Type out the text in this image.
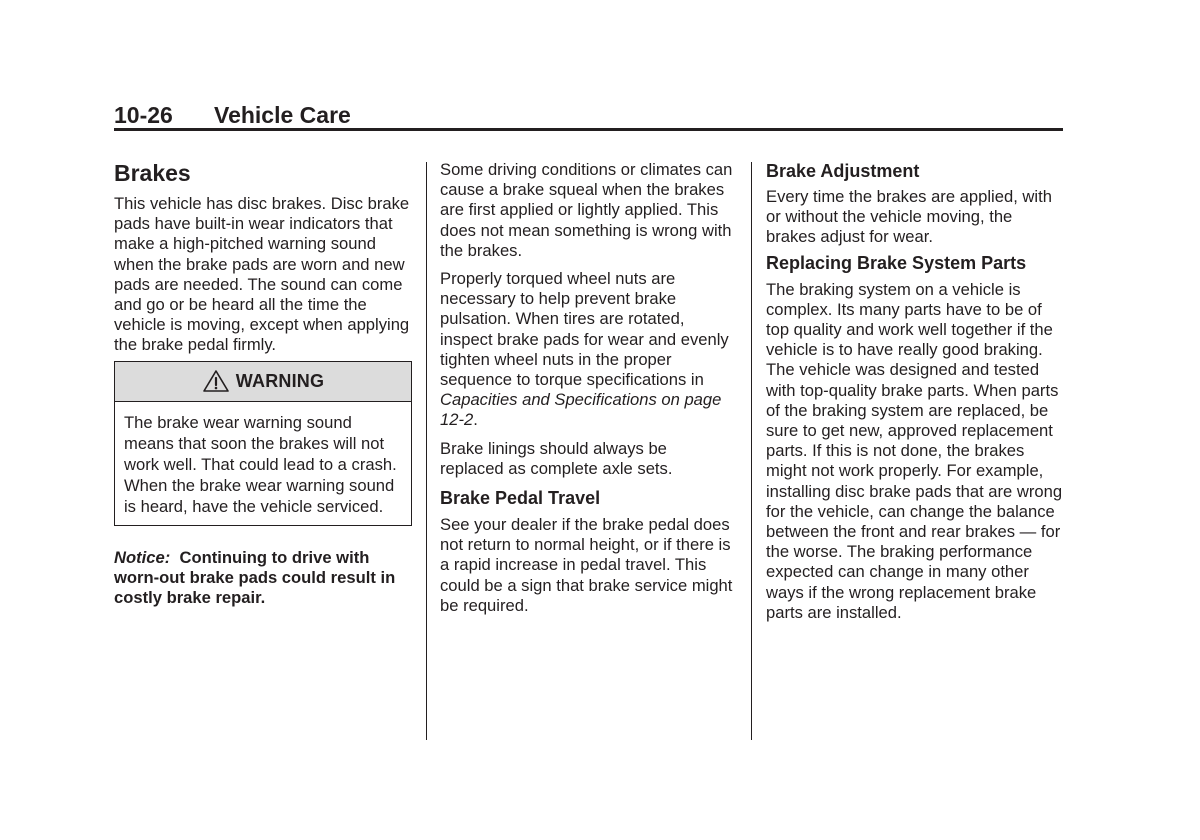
10-26 Vehicle Care
Brakes

This vehicle has disc brakes. Disc brake pads have built-in wear indicators that make a high-pitched warning sound when the brake pads are worn and new pads are needed. The sound can come and go or be heard all the time the vehicle is moving, except when applying the brake pedal firmly.

WARNING
The brake wear warning sound means that soon the brakes will not work well. That could lead to a crash. When the brake wear warning sound is heard, have the vehicle serviced.

Notice: Continuing to drive with worn-out brake pads could result in costly brake repair.

Some driving conditions or climates can cause a brake squeal when the brakes are first applied or lightly applied. This does not mean something is wrong with the brakes.

Properly torqued wheel nuts are necessary to help prevent brake pulsation. When tires are rotated, inspect brake pads for wear and evenly tighten wheel nuts in the proper sequence to torque specifications in Capacities and Specifications on page 12-2.

Brake linings should always be replaced as complete axle sets.

Brake Pedal Travel

See your dealer if the brake pedal does not return to normal height, or if there is a rapid increase in pedal travel. This could be a sign that brake service might be required.

Brake Adjustment

Every time the brakes are applied, with or without the vehicle moving, the brakes adjust for wear.

Replacing Brake System Parts

The braking system on a vehicle is complex. Its many parts have to be of top quality and work well together if the vehicle is to have really good braking. The vehicle was designed and tested with top-quality brake parts. When parts of the braking system are replaced, be sure to get new, approved replacement parts. If this is not done, the brakes might not work properly. For example, installing disc brake pads that are wrong for the vehicle, can change the balance between the front and rear brakes — for the worse. The braking performance expected can change in many other ways if the wrong replacement brake parts are installed.
